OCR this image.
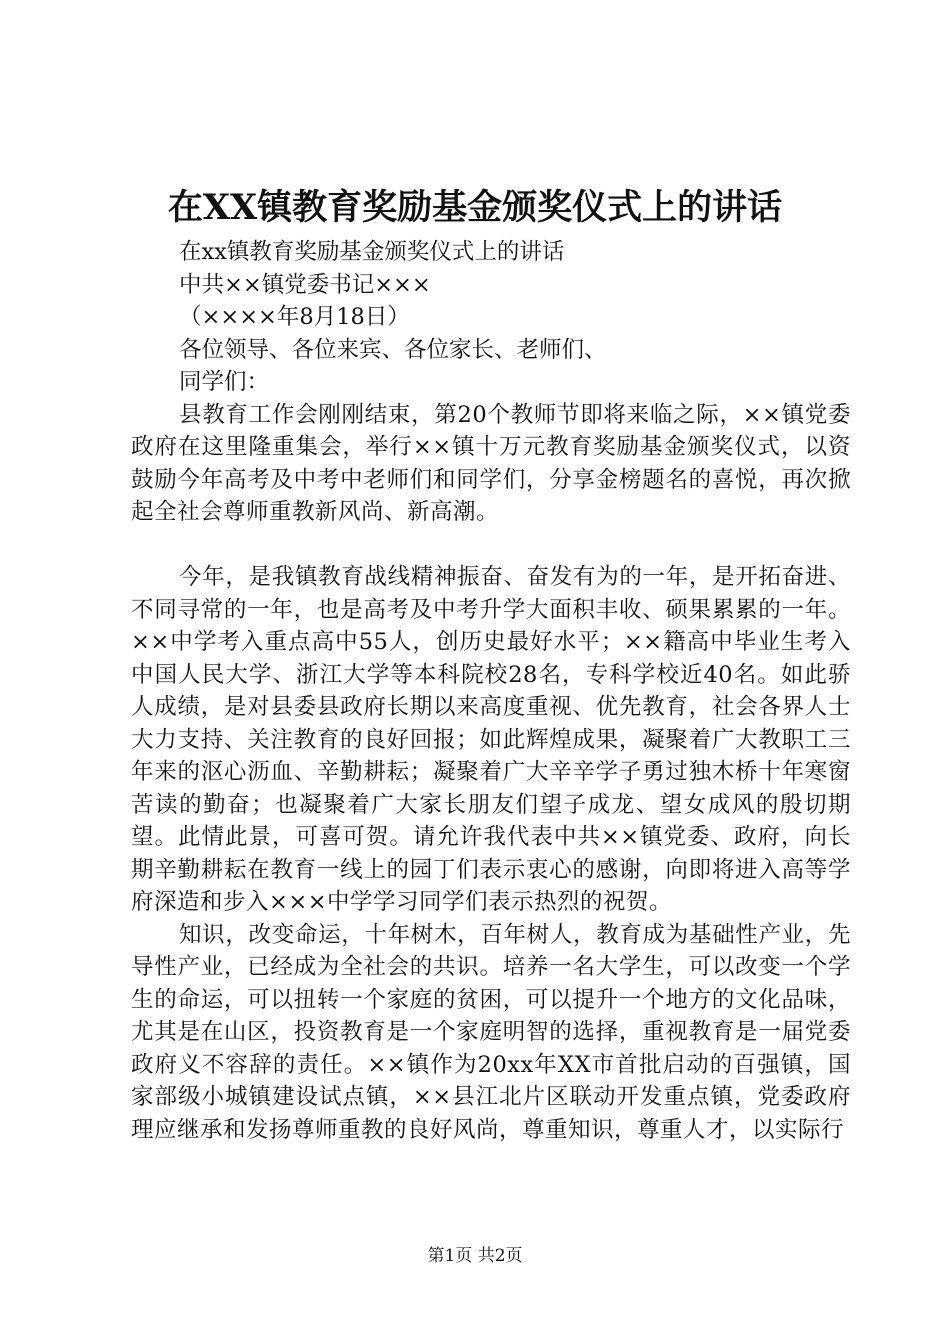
在XX镇教育奖励基金颁奖仪式上的讲话
在xx镇教育奖励基金颁奖仪式上的讲话
中共××镇党委书记×××
（××××年8月18日）
各位领导、各位来宾、各位家长、老师们、
同学们：

县教育工作会刚刚结束，第20个教师节即将来临之际，××镇党委政府在这里隆重集会，举行××镇十万元教育奖励基金颁奖仪式，以资鼓励今年高考及中考中老师们和同学们，分享金榜题名的喜悦，再次掀起全社会尊师重教新风尚、新高潮。

今年，是我镇教育战线精神振奋、奋发有为的一年，是开拓奋进、不同寻常的一年，也是高考及中考升学大面积丰收、硕果累累的一年。××中学考入重点高中55人，创历史最好水平；××籍高中毕业生考入中国人民大学、浙江大学等本科院校28名，专科学校近40名。如此骄人成绩，是对县委县政府长期以来高度重视、优先教育，社会各界人士大力支持、关注教育的良好回报；如此辉煌成果，凝聚着广大教职工三年来的沤心沥血、辛勤耕耘；凝聚着广大辛辛学子勇过独木桥十年寒窗苦读的勤奋；也凝聚着广大家长朋友们望子成龙、望女成风的殷切期望。此情此景，可喜可贺。请允许我代表中共××镇党委、政府，向长期辛勤耕耘在教育一线上的园丁们表示衷心的感谢，向即将进入高等学府深造和步入×××中学学习同学们表示热烈的祝贺。

知识，改变命运，十年树木，百年树人，教育成为基础性产业，先导性产业，已经成为全社会的共识。培养一名大学生，可以改变一个学生的命运，可以扭转一个家庭的贫困，可以提升一个地方的文化品味，尤其是在山区，投资教育是一个家庭明智的选择，重视教育是一届党委政府义不容辞的责任。××镇作为20xx年XX市首批启动的百强镇，国家部级小城镇建设试点镇，××县江北片区联动开发重点镇，党委政府理应继承和发扬尊师重教的良好风尚，尊重知识，尊重人才，以实际行

第1页 共2页
